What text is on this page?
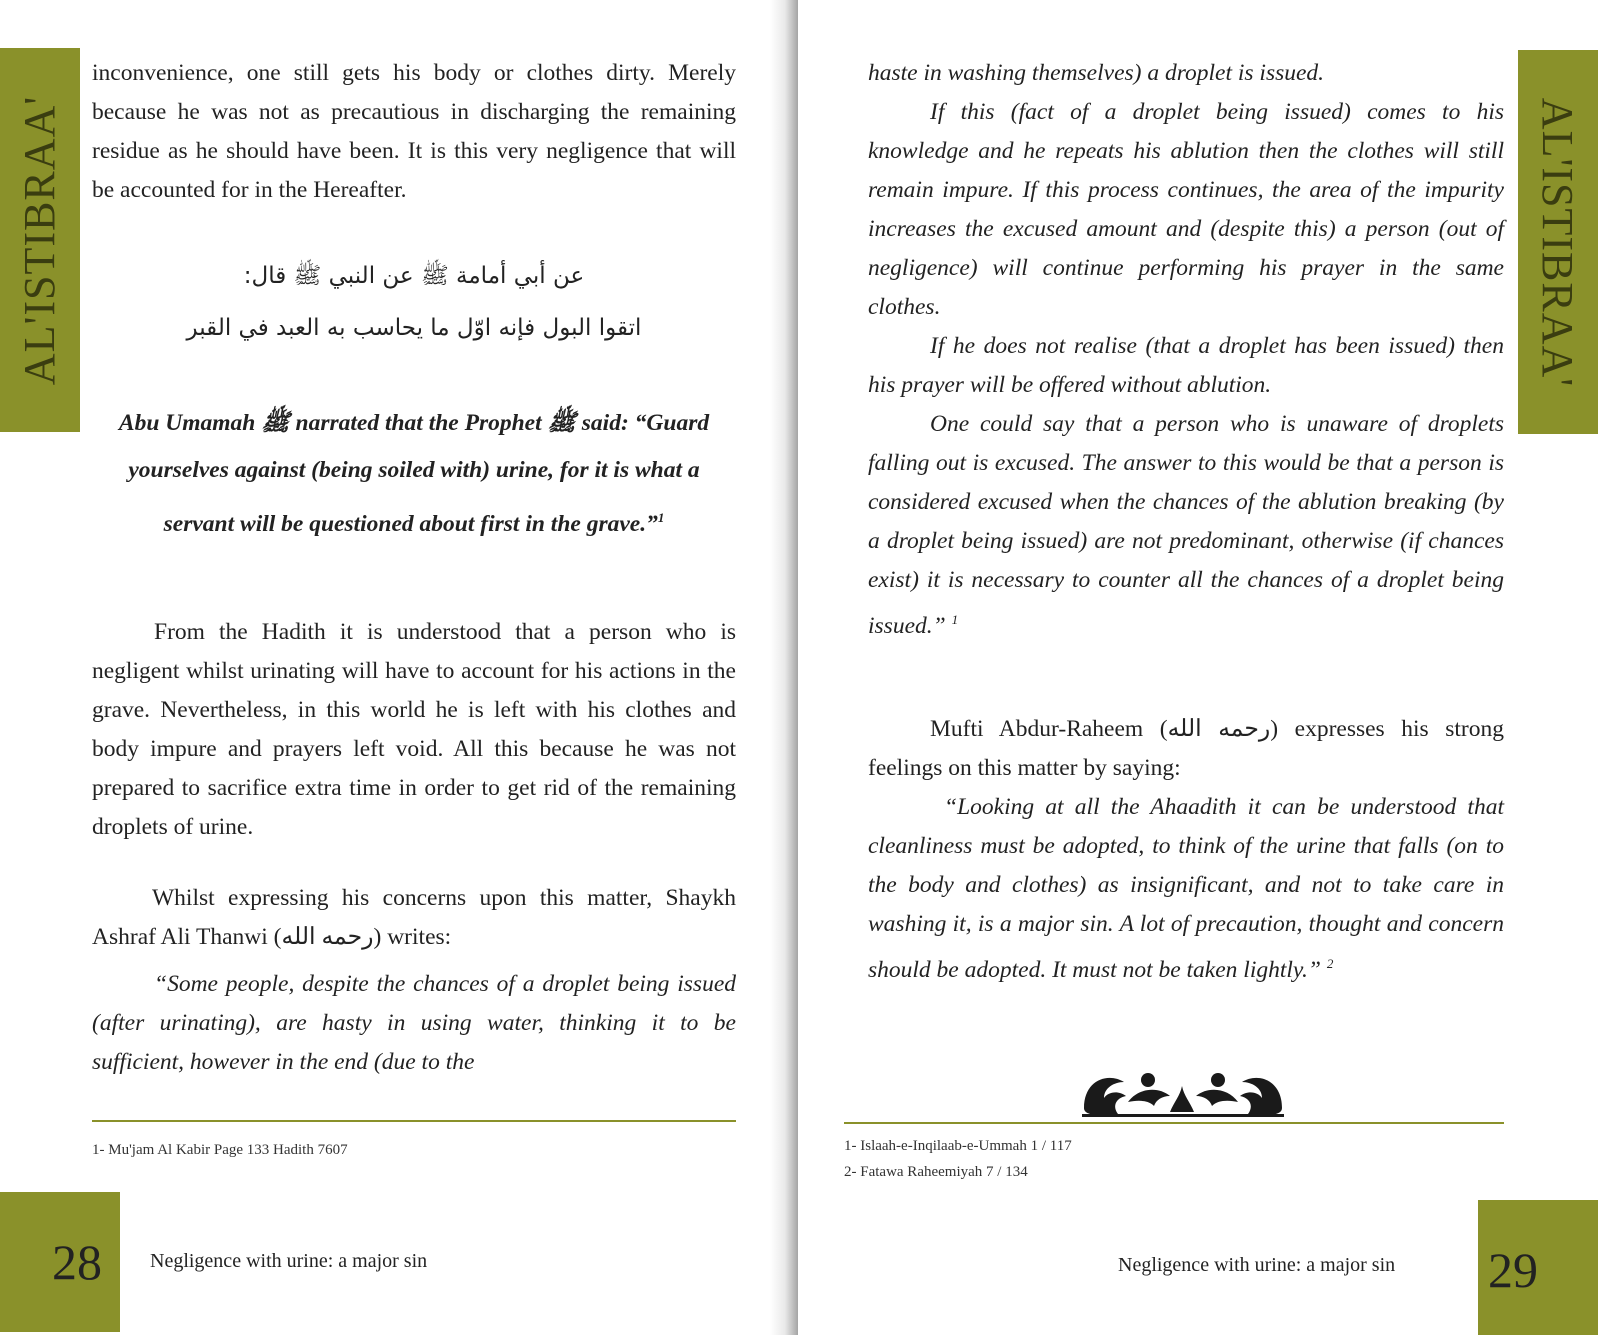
AL'ISTIBRAA'

inconvenience, one still gets his body or clothes dirty. Merely because he was not as precautious in discharging the remaining residue as he should have been. It is this very negligence that will be accounted for in the Hereafter.

عن أبي أمامة ﷺ عن النبي ﷺ قال:

اتقوا البول فإنه اوّل ما يحاسب به العبد في القبر

Abu Umamah ﷺ narrated that the Prophet ﷺ said: “Guard yourselves against (being soiled with) urine, for it is what a servant will be questioned about first in the grave.”$^1$

From the Hadith it is understood that a person who is negligent whilst urinating will have to account for his actions in the grave. Nevertheless, in this world he is left with his clothes and body impure and prayers left void. All this because he was not prepared to sacrifice extra time in order to get rid of the remaining droplets of urine.

Whilst expressing his concerns upon this matter, Shaykh Ashraf Ali Thanwi (رحمه الله) writes:

“Some people, despite the chances of a droplet being issued (after urinating), are hasty in using water, thinking it to be sufficient, however in the end (due to the

1- Mu'jam Al Kabir Page 133 Hadith 7607

28 Negligence with urine: a major sin
AL'ISTIBRAA'

haste in washing themselves) a droplet is issued.

If this (fact of a droplet being issued) comes to his knowledge and he repeats his ablution then the clothes will still remain impure. If this process continues, the area of the impurity increases the excused amount and (despite this) a person (out of negligence) will continue performing his prayer in the same clothes.

If he does not realise (that a droplet has been issued) then his prayer will be offered without ablution.

One could say that a person who is unaware of droplets falling out is excused. The answer to this would be that a person is considered excused when the chances of the ablution breaking (by a droplet being issued) are not predominant, otherwise (if chances exist) it is necessary to counter all the chances of a droplet being issued.” $^1$

Mufti Abdur-Raheem (رحمه الله) expresses his strong feelings on this matter by saying:

“Looking at all the Ahaadith it can be understood that cleanliness must be adopted, to think of the urine that falls (on to the body and clothes) as insignificant, and not to take care in washing it, is a major sin. A lot of precaution, thought and concern should be adopted. It must not be taken lightly.” $^2$

1- Islaah-e-Inqilaab-e-Ummah 1 / 117

2- Fatawa Raheemiyah 7 / 134

Negligence with urine: a major sin 29
